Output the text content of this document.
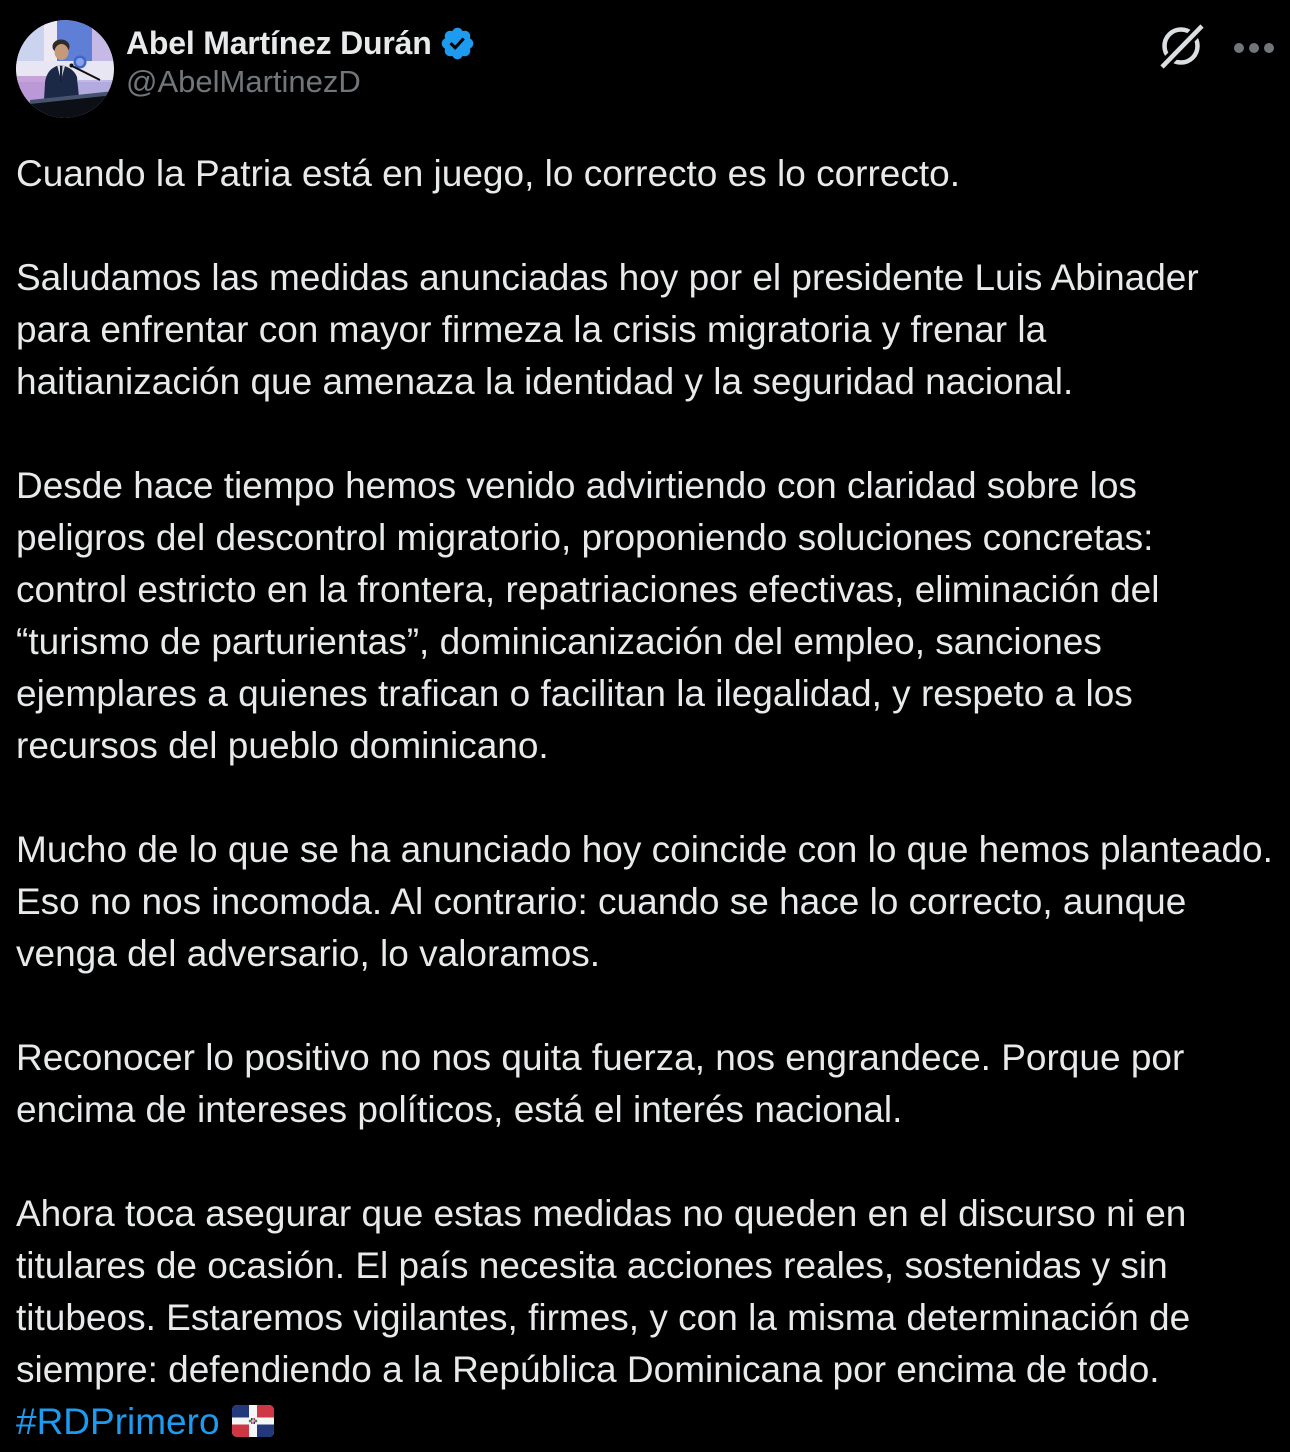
Abel Martínez Durán
@AbelMartinezD

Cuando la Patria está en juego, lo correcto es lo correcto.

Saludamos las medidas anunciadas hoy por el presidente Luis Abinader para enfrentar con mayor firmeza la crisis migratoria y frenar la haitianización que amenaza la identidad y la seguridad nacional.

Desde hace tiempo hemos venido advirtiendo con claridad sobre los peligros del descontrol migratorio, proponiendo soluciones concretas: control estricto en la frontera, repatriaciones efectivas, eliminación del “turismo de parturientas”, dominicanización del empleo, sanciones ejemplares a quienes trafican o facilitan la ilegalidad, y respeto a los recursos del pueblo dominicano.

Mucho de lo que se ha anunciado hoy coincide con lo que hemos planteado. Eso no nos incomoda. Al contrario: cuando se hace lo correcto, aunque venga del adversario, lo valoramos.

Reconocer lo positivo no nos quita fuerza, nos engrandece. Porque por encima de intereses políticos, está el interés nacional.

Ahora toca asegurar que estas medidas no queden en el discurso ni en titulares de ocasión. El país necesita acciones reales, sostenidas y sin titubeos. Estaremos vigilantes, firmes, y con la misma determinación de siempre: defendiendo a la República Dominicana por encima de todo.

#RDPrimero
